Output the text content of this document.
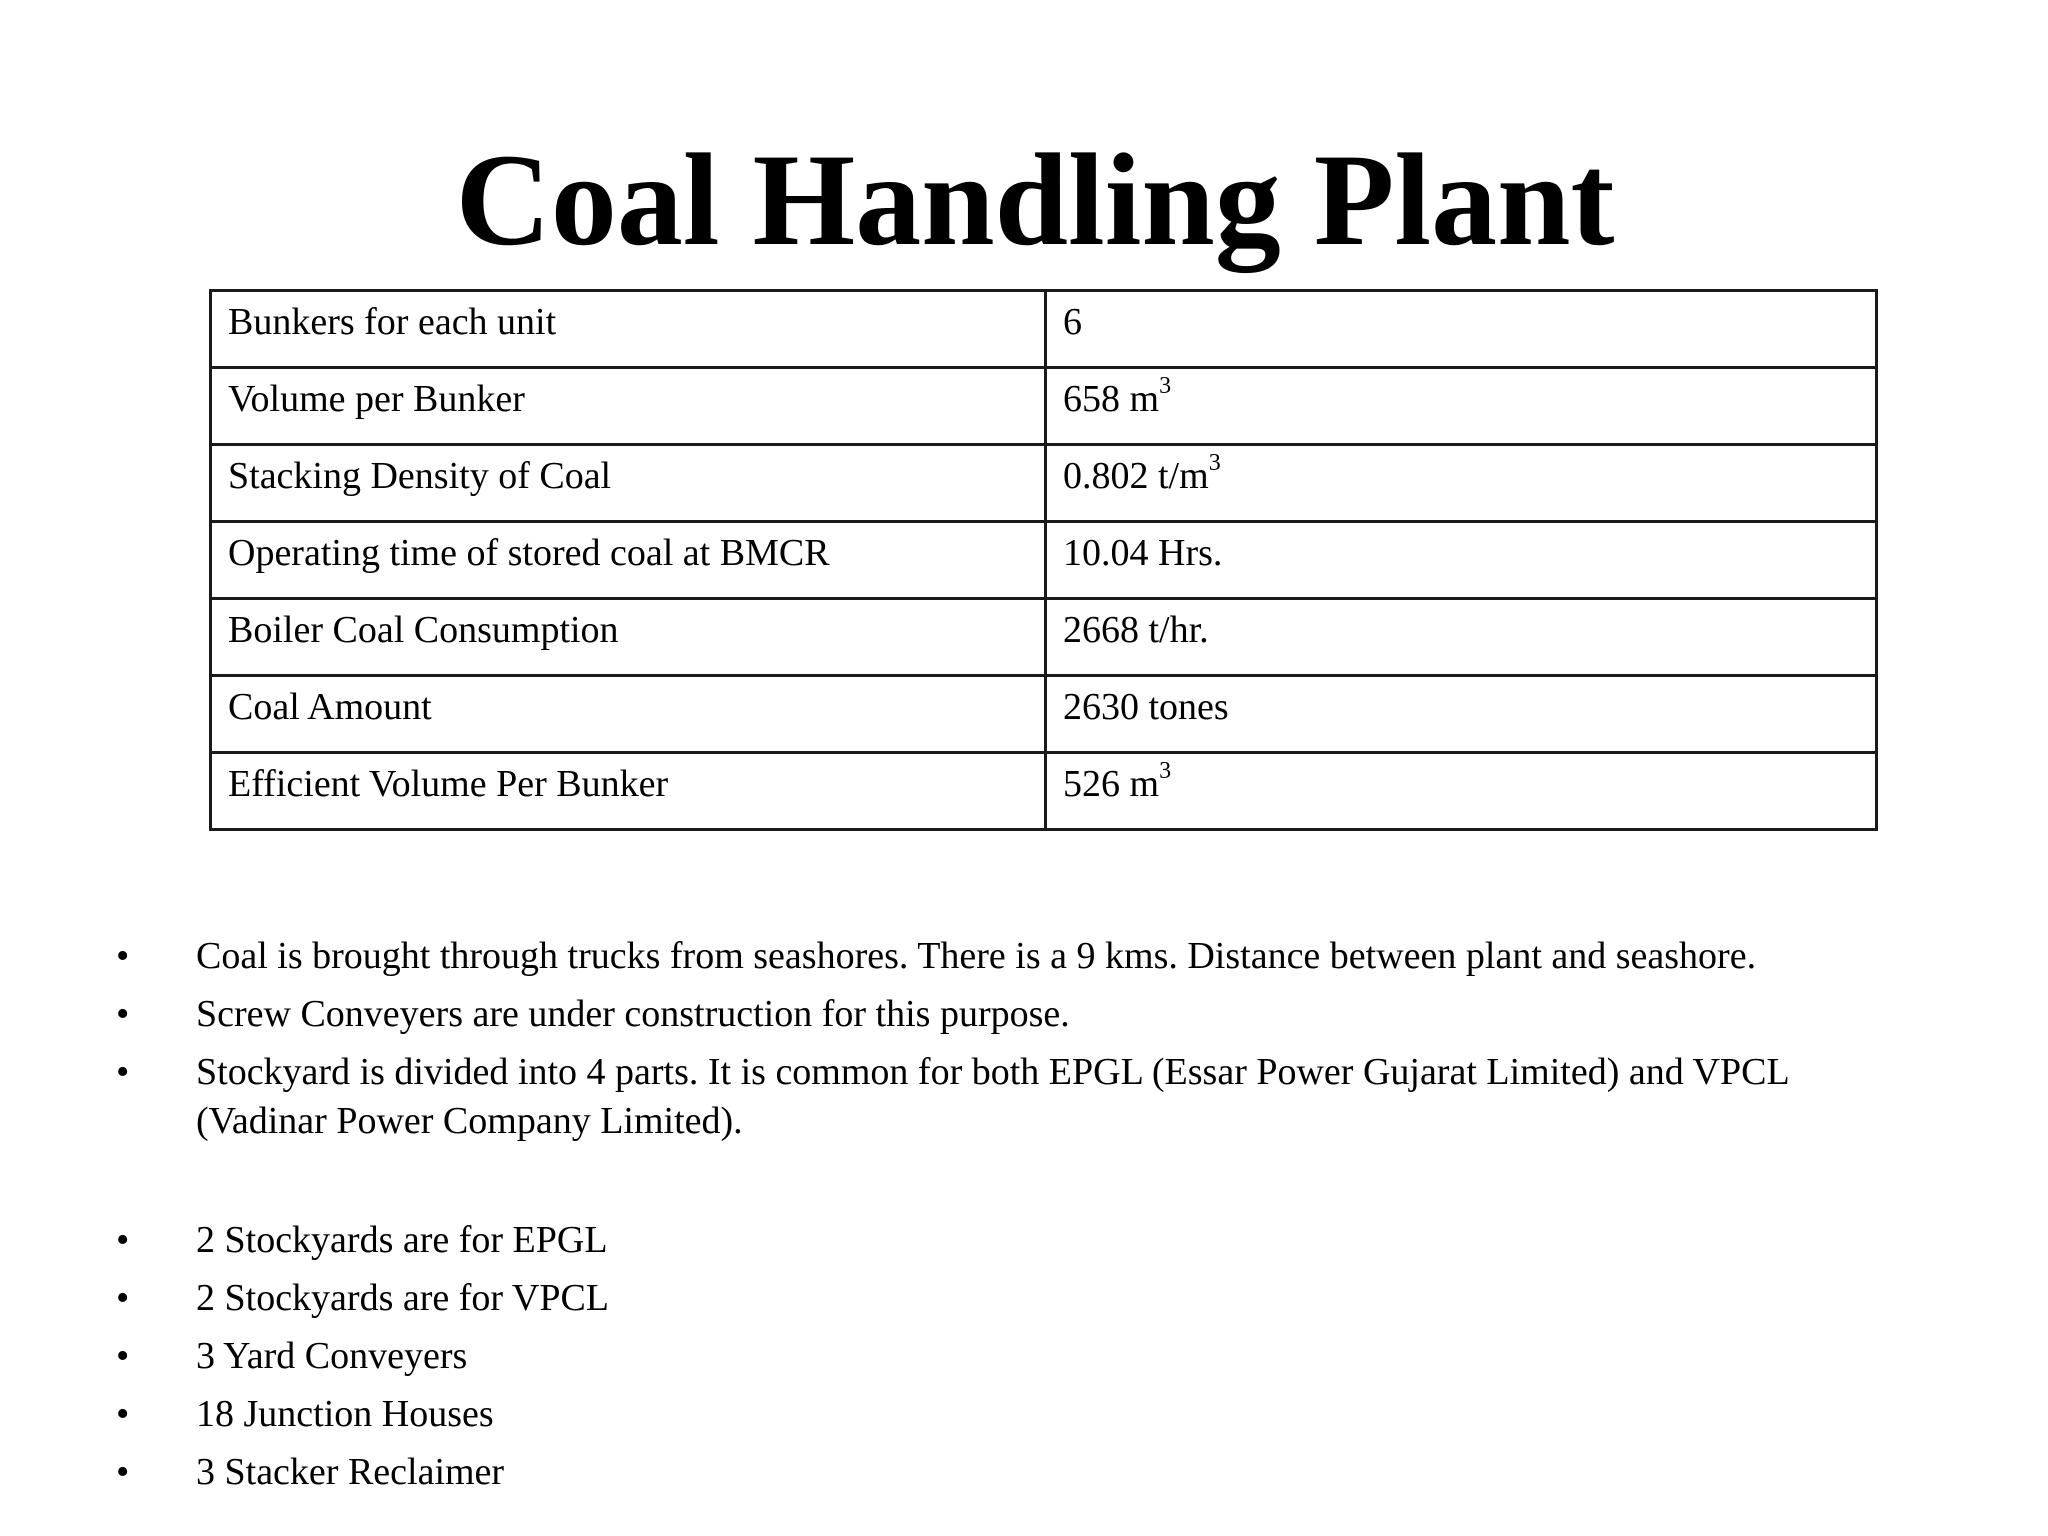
Coal Handling Plant
Bunkers for each unit	6
Volume per Bunker	658 $m^3$
Stacking Density of Coal	0.802 $t/m^3$
Operating time of stored coal at BMCR	10.04 Hrs.
Boiler Coal Consumption	2668 t/hr.
Coal Amount	2630 tones
Efficient Volume Per Bunker	526 $m^3$
• Coal is brought through trucks from seashores. There is a 9 kms. Distance between plant and seashore.
• Screw Conveyers are under construction for this purpose.
• Stockyard is divided into 4 parts. It is common for both EPGL (Essar Power Gujarat Limited) and VPCL (Vadinar Power Company Limited).
• 2 Stockyards are for EPGL
• 2 Stockyards are for VPCL
• 3 Yard Conveyers
• 18 Junction Houses
• 3 Stacker Reclaimer
